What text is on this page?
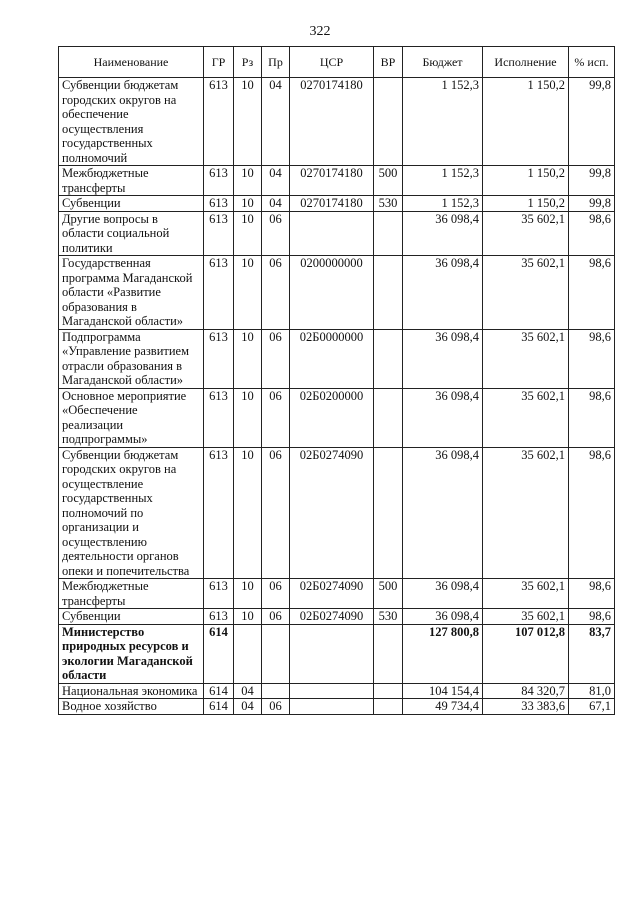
322
Наименование	ГР	Рз	Пр	ЦСР	ВР	Бюджет	Исполнение	% исп.
Субвенции бюджетам городских округов на обеспечение осуществления государственных полномочий	613	10	04	0270174180		1 152,3	1 150,2	99,8
Межбюджетные трансферты	613	10	04	0270174180	500	1 152,3	1 150,2	99,8
Субвенции	613	10	04	0270174180	530	1 152,3	1 150,2	99,8
Другие вопросы в области социальной политики	613	10	06			36 098,4	35 602,1	98,6
Государственная программа Магаданской области «Развитие образования в Магаданской области»	613	10	06	0200000000		36 098,4	35 602,1	98,6
Подпрограмма «Управление развитием отрасли образования в Магаданской области»	613	10	06	02Б0000000		36 098,4	35 602,1	98,6
Основное мероприятие «Обеспечение реализации подпрограммы»	613	10	06	02Б0200000		36 098,4	35 602,1	98,6
Субвенции бюджетам городских округов на осуществление государственных полномочий по организации и осуществлению деятельности органов опеки и попечительства	613	10	06	02Б0274090		36 098,4	35 602,1	98,6
Межбюджетные трансферты	613	10	06	02Б0274090	500	36 098,4	35 602,1	98,6
Субвенции	613	10	06	02Б0274090	530	36 098,4	35 602,1	98,6
Министерство природных ресурсов и экологии Магаданской области	614					127 800,8	107 012,8	83,7
Национальная экономика	614	04				104 154,4	84 320,7	81,0
Водное хозяйство	614	04	06			49 734,4	33 383,6	67,1
